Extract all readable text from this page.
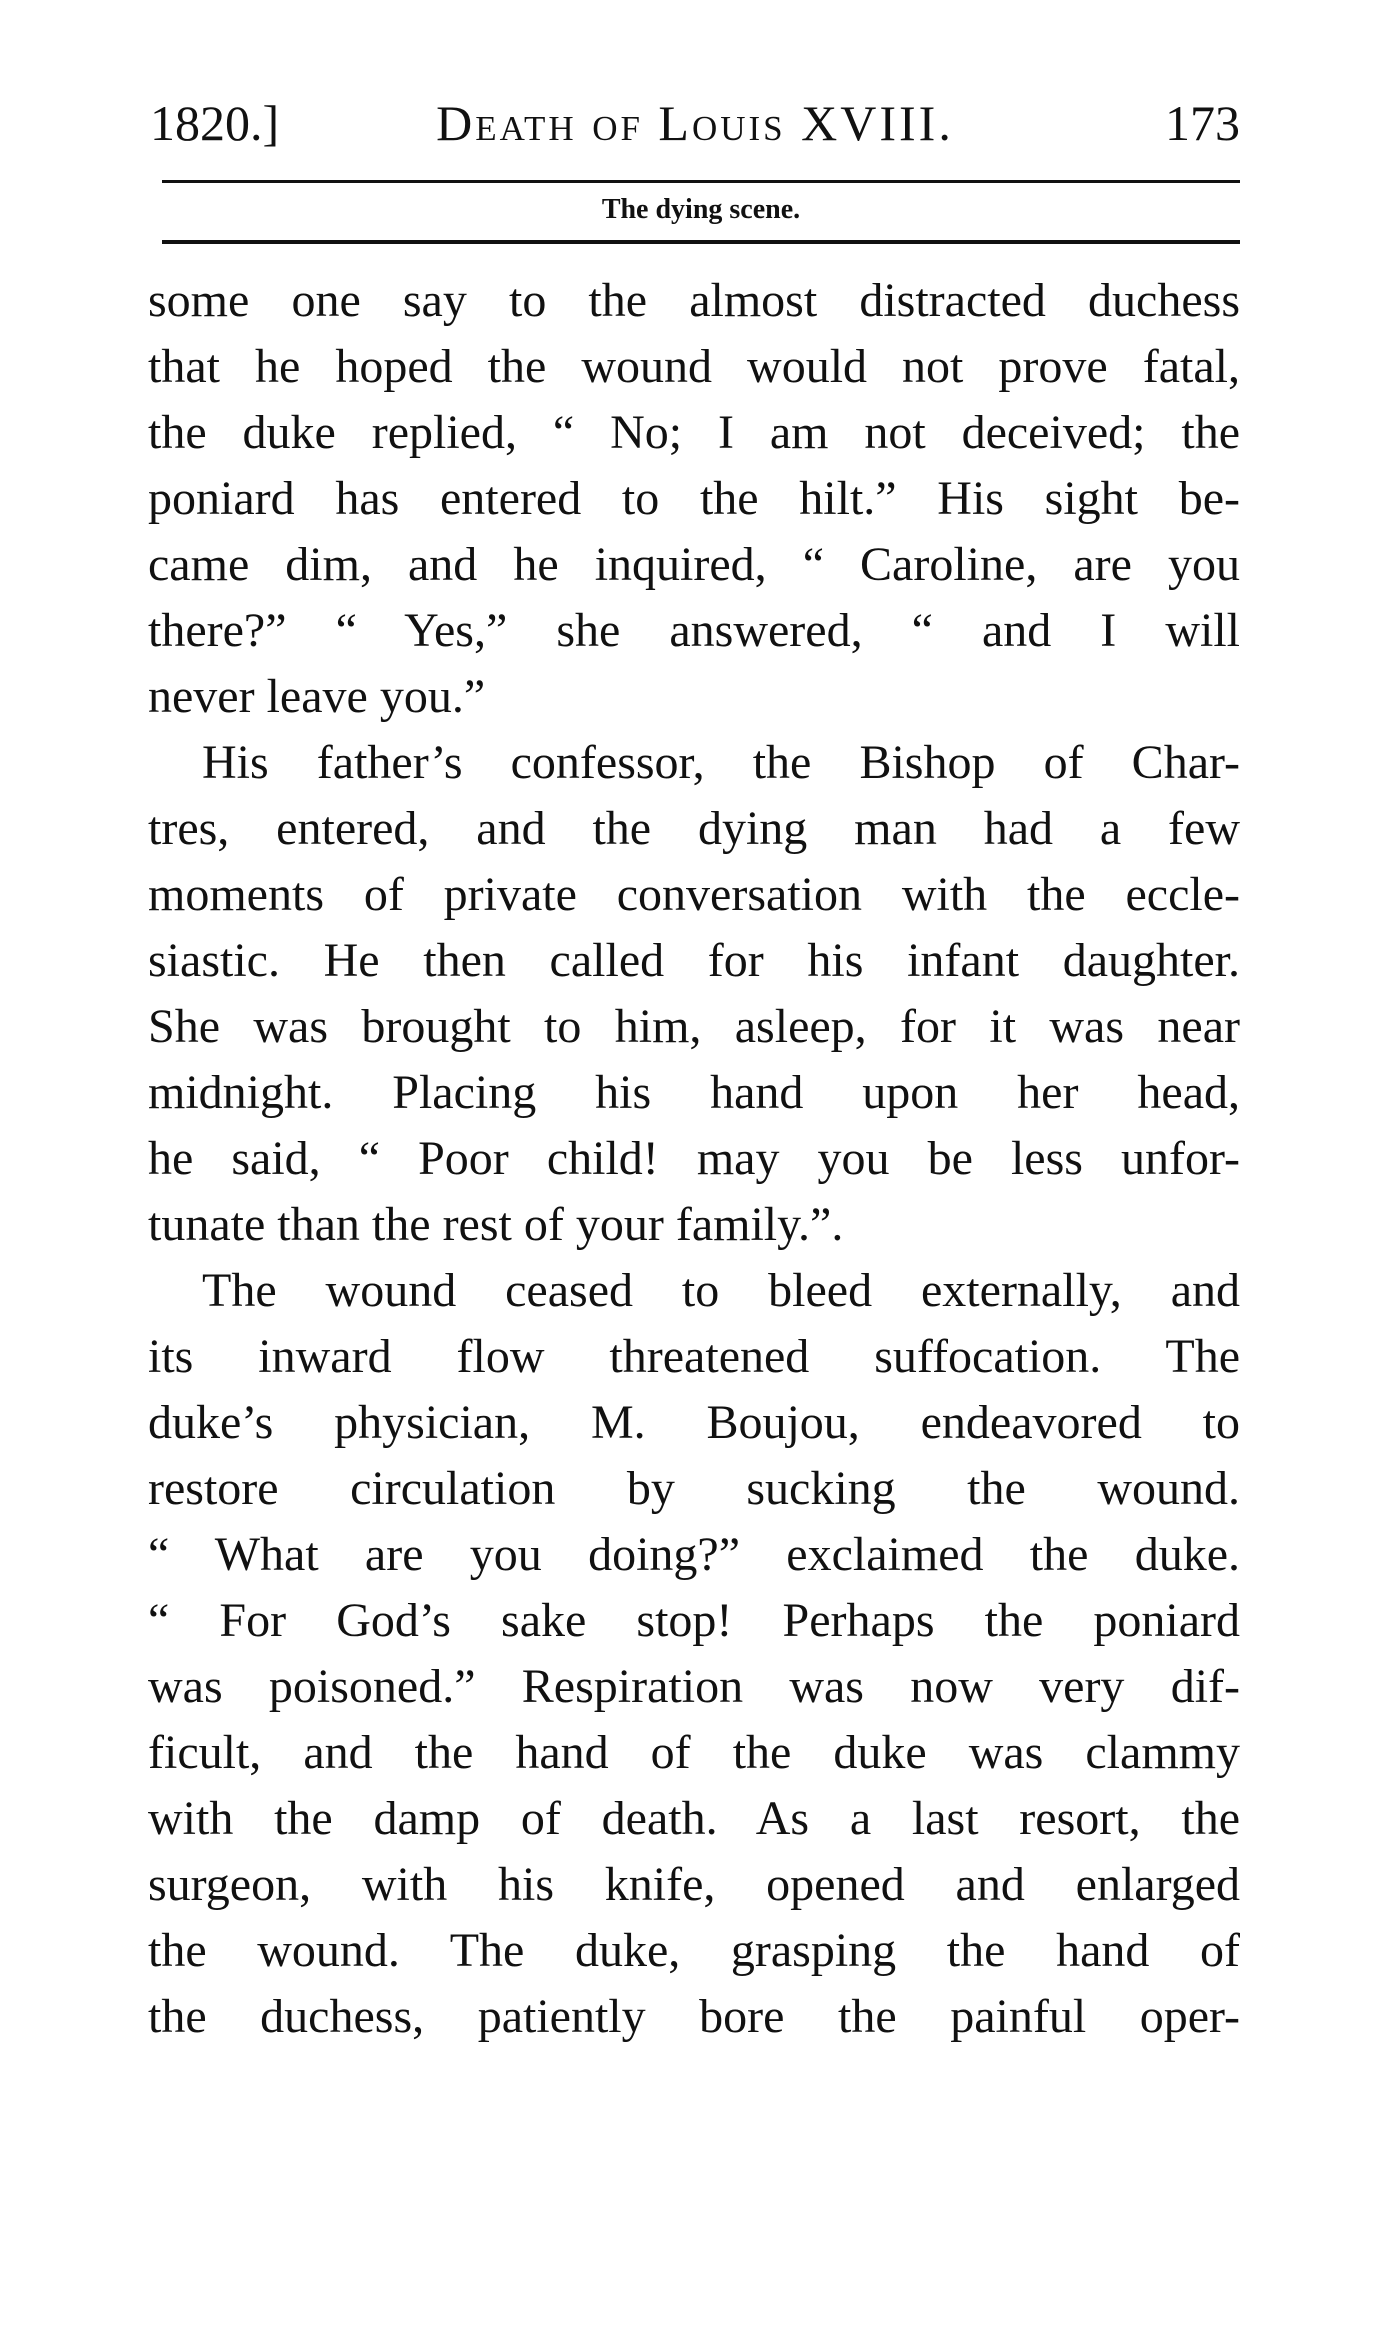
1820.]	Death of Louis XVIII.	173
The dying scene.
some one say to the almost distracted duchess
that he hoped the wound would not prove fatal,
the duke replied, “ No; I am not deceived; the
poniard has entered to the hilt.” His sight be-
came dim, and he inquired, “ Caroline, are you
there?” “ Yes,” she answered, “ and I will
never leave you.”
His father’s confessor, the Bishop of Char-
tres, entered, and the dying man had a few
moments of private conversation with the eccle-
siastic. He then called for his infant daughter.
She was brought to him, asleep, for it was near
midnight. Placing his hand upon her head,
he said, “ Poor child! may you be less unfor-
tunate than the rest of your family.”.
The wound ceased to bleed externally, and
its inward flow threatened suffocation. The
duke’s physician, M. Boujou, endeavored to
restore circulation by sucking the wound.
“ What are you doing?” exclaimed the duke.
“ For God’s sake stop! Perhaps the poniard
was poisoned.” Respiration was now very dif-
ficult, and the hand of the duke was clammy
with the damp of death. As a last resort, the
surgeon, with his knife, opened and enlarged
the wound. The duke, grasping the hand of
the duchess, patiently bore the painful oper-
